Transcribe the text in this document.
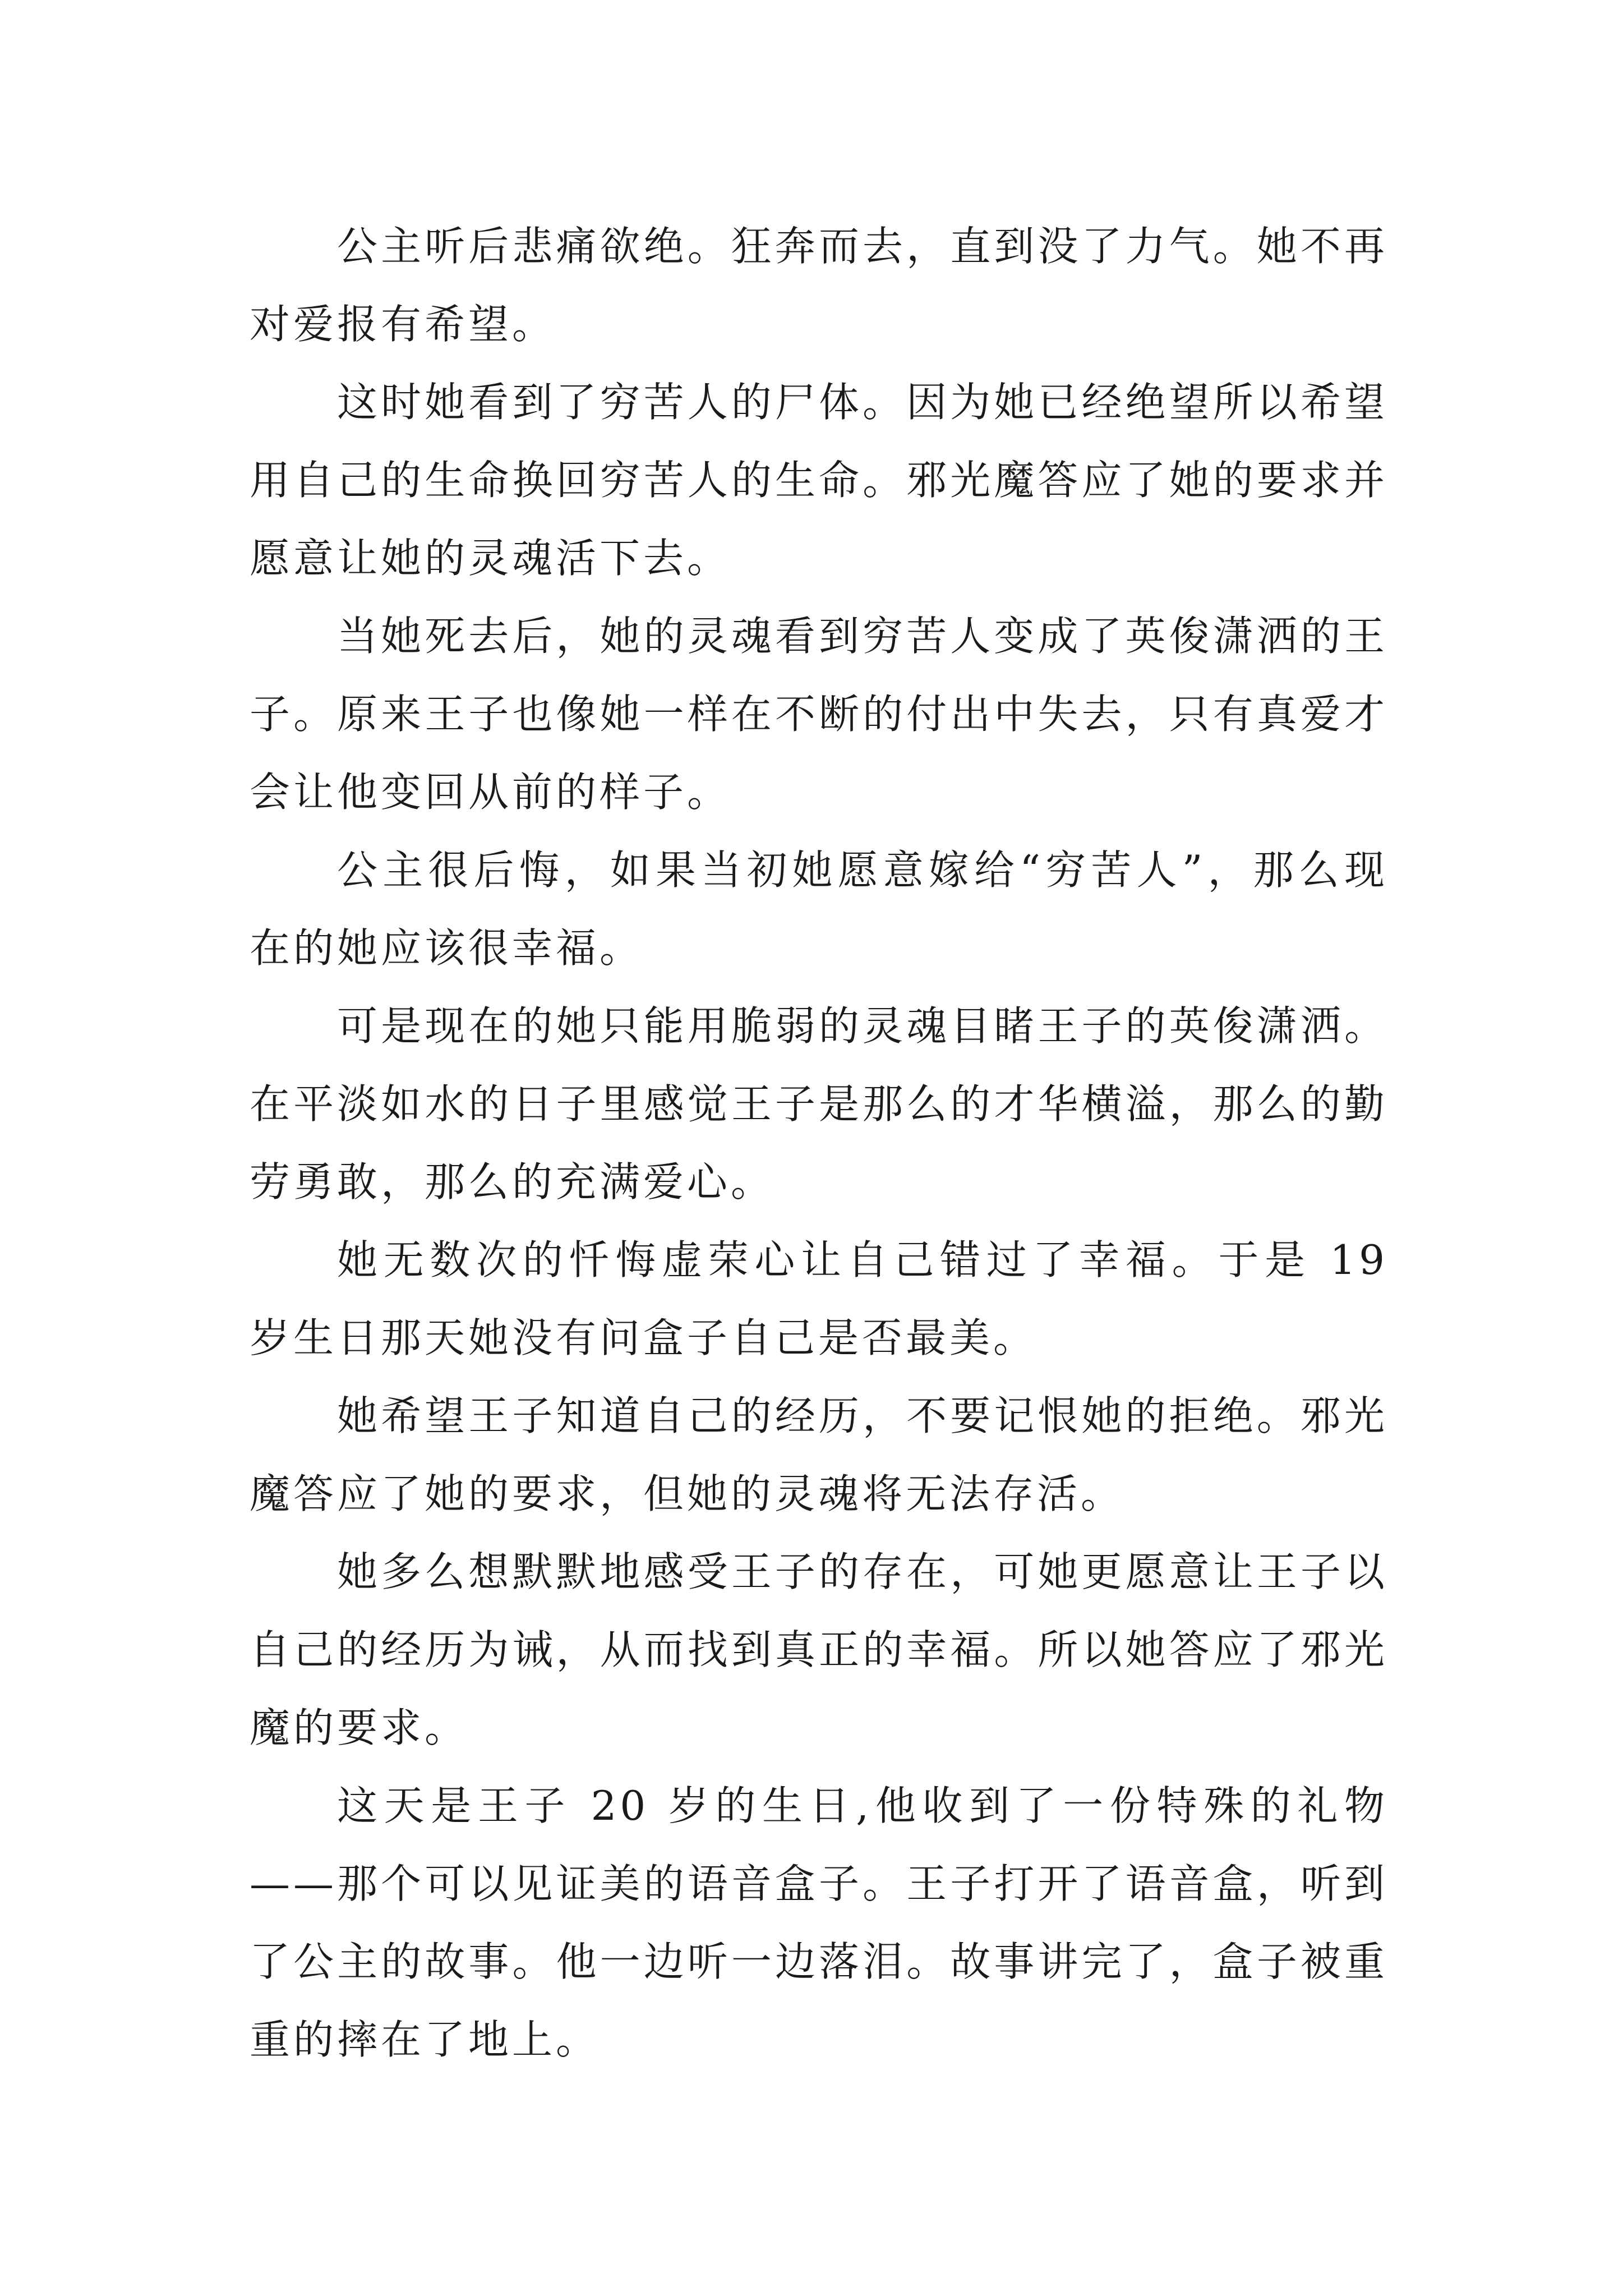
公主听后悲痛欲绝。狂奔而去，直到没了力气。她不再对爱报有希望。

这时她看到了穷苦人的尸体。因为她已经绝望所以希望用自己的生命换回穷苦人的生命。邪光魔答应了她的要求并愿意让她的灵魂活下去。

当她死去后，她的灵魂看到穷苦人变成了英俊潇洒的王子。原来王子也像她一样在不断的付出中失去，只有真爱才会让他变回从前的样子。

公主很后悔，如果当初她愿意嫁给“穷苦人”，那么现在的她应该很幸福。

可是现在的她只能用脆弱的灵魂目睹王子的英俊潇洒。在平淡如水的日子里感觉王子是那么的才华横溢，那么的勤劳勇敢，那么的充满爱心。

她无数次的忏悔虚荣心让自己错过了幸福。于是 19 岁生日那天她没有问盒子自己是否最美。

她希望王子知道自己的经历，不要记恨她的拒绝。邪光魔答应了她的要求，但她的灵魂将无法存活。

她多么想默默地感受王子的存在，可她更愿意让王子以自己的经历为诫，从而找到真正的幸福。所以她答应了邪光魔的要求。

这天是王子 20 岁的生日,他收到了一份特殊的礼物——那个可以见证美的语音盒子。王子打开了语音盒，听到了公主的故事。他一边听一边落泪。故事讲完了，盒子被重重的摔在了地上。
